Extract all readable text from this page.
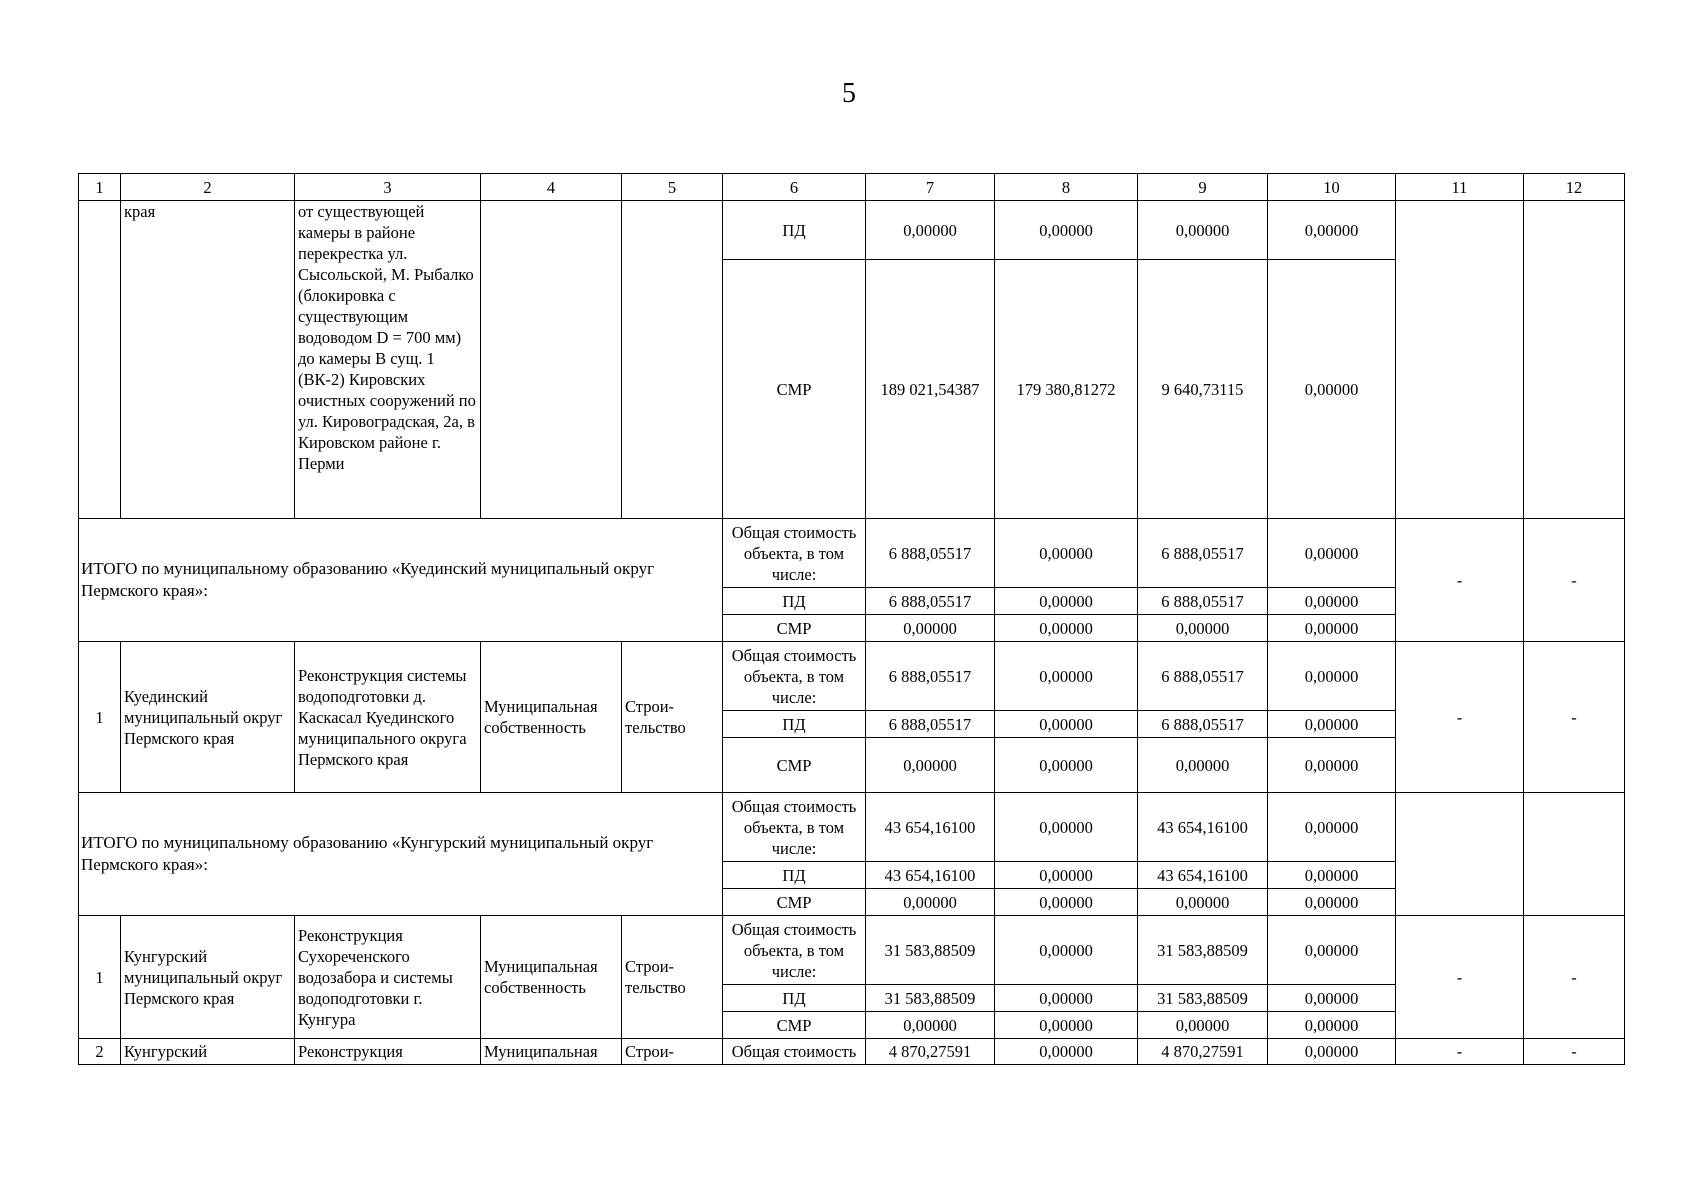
5
1	2	3	4	5	6	7	8	9	10	11	12
	края	от существующей камеры в районе перекрестка ул. Сысольской, М. Рыбалко (блокировка с существующим водоводом D = 700 мм) до камеры В сущ. 1 (ВК-2) Кировских очистных сооружений по ул. Кировоградская, 2а, в Кировском районе г. Перми			ПД	0,00000	0,00000	0,00000	0,00000		
					СМР	189 021,54387	179 380,81272	9 640,73115	0,00000		
ИТОГО по муниципальному образованию «Куединский муниципальный округ Пермского края»:					Общая стоимость объекта, в том числе:	6 888,05517	0,00000	6 888,05517	0,00000	-	-
					ПД	6 888,05517	0,00000	6 888,05517	0,00000		
					СМР	0,00000	0,00000	0,00000	0,00000		
1	Куединский муниципальный округ Пермского края	Реконструкция системы водоподготовки д. Каскасал Куединского муниципального округа Пермского края	Муниципальная собственность	Строи-тельство	Общая стоимость объекта, в том числе:	6 888,05517	0,00000	6 888,05517	0,00000	-	-
					ПД	6 888,05517	0,00000	6 888,05517	0,00000		
					СМР	0,00000	0,00000	0,00000	0,00000		
ИТОГО по муниципальному образованию «Кунгурский муниципальный округ Пермского края»:					Общая стоимость объекта, в том числе:	43 654,16100	0,00000	43 654,16100	0,00000		
					ПД	43 654,16100	0,00000	43 654,16100	0,00000		
					СМР	0,00000	0,00000	0,00000	0,00000		
1	Кунгурский муниципальный округ Пермского края	Реконструкция Сухореченского водозабора и системы водоподготовки г. Кунгура	Муниципальная собственность	Строи-тельство	Общая стоимость объекта, в том числе:	31 583,88509	0,00000	31 583,88509	0,00000	-	-
					ПД	31 583,88509	0,00000	31 583,88509	0,00000		
					СМР	0,00000	0,00000	0,00000	0,00000		
2	Кунгурский	Реконструкция	Муниципальная	Строи-	Общая стоимость	4 870,27591	0,00000	4 870,27591	0,00000	-	-
